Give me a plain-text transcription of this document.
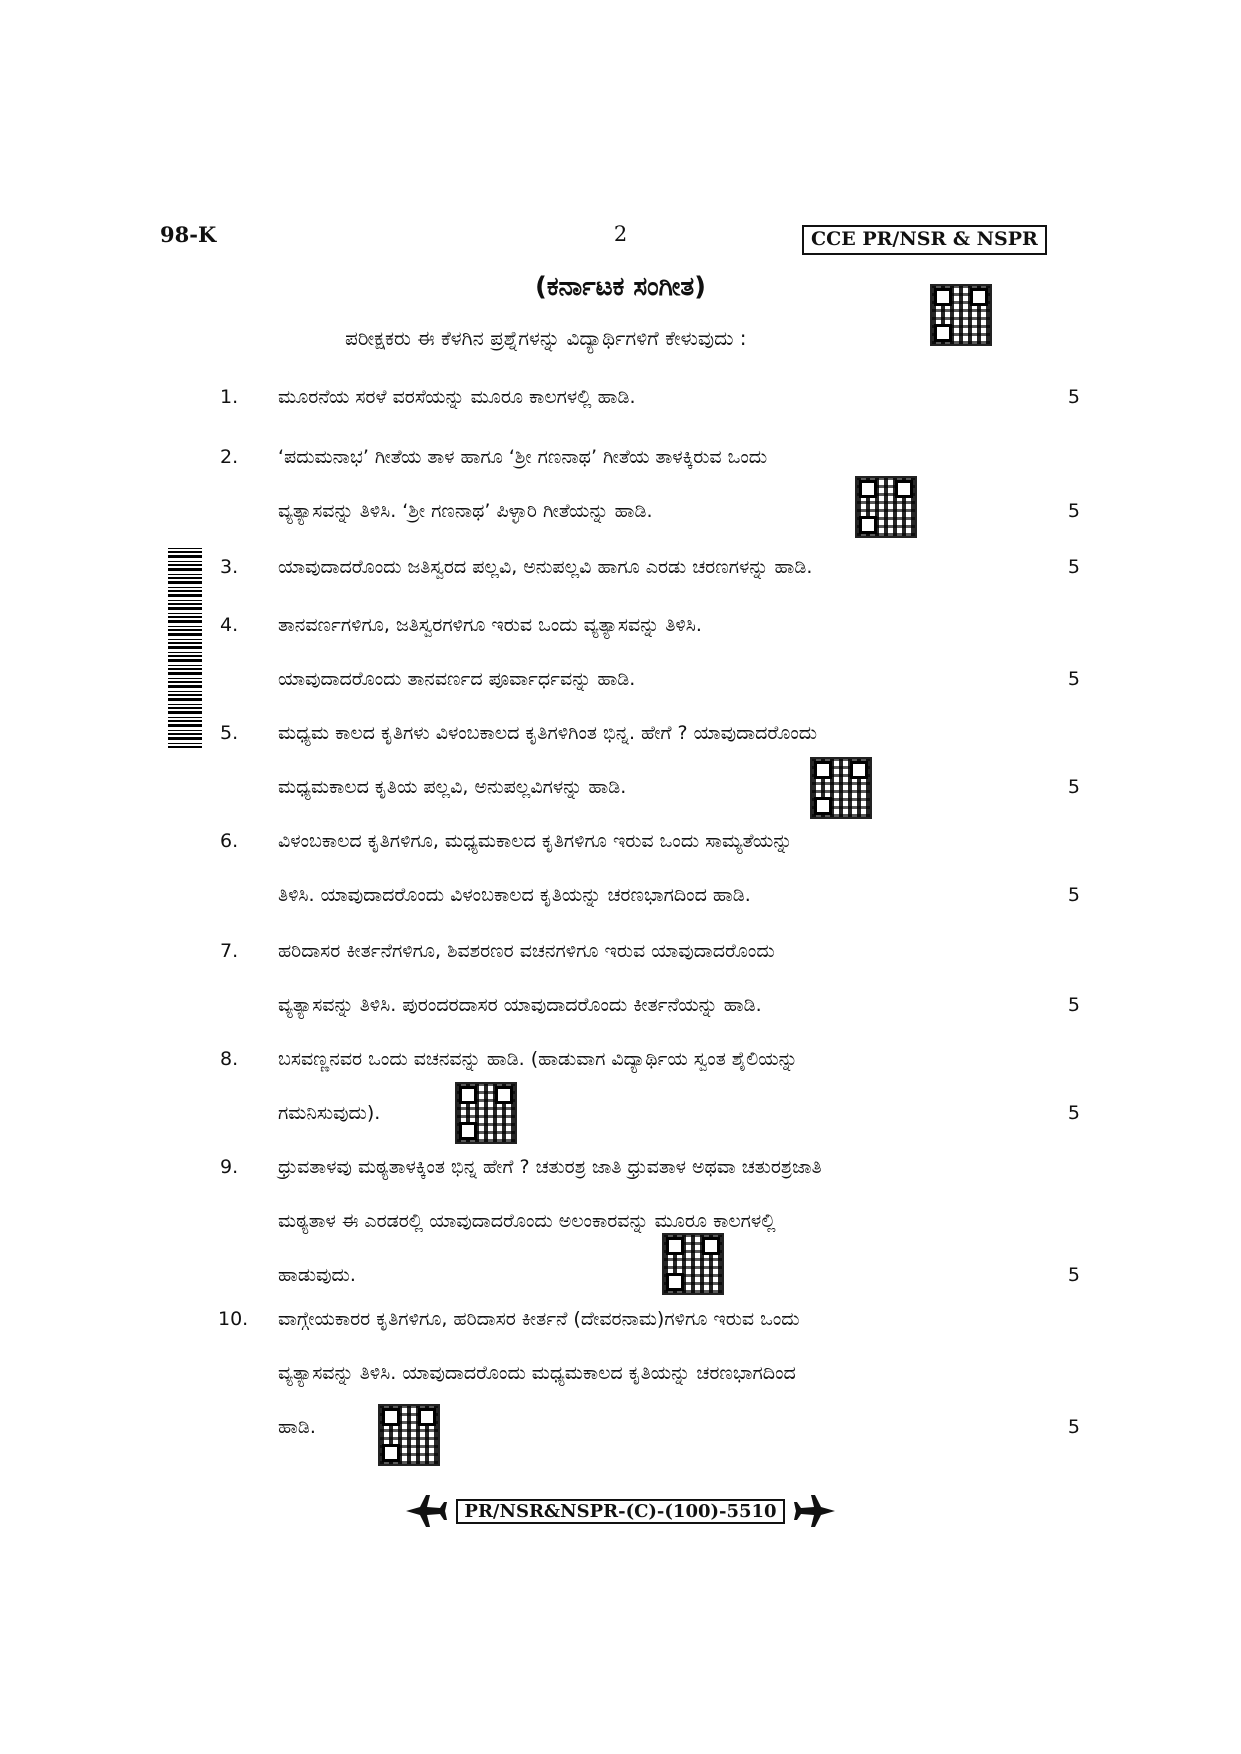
98-K	2	CCE PR/NSR & NSPR
(ಕರ್ನಾಟಕ ಸಂಗೀತ)
ಪರೀಕ್ಷಕರು ಈ ಕೆಳಗಿನ ಪ್ರಶ್ನೆಗಳನ್ನು ವಿದ್ಯಾರ್ಥಿಗಳಿಗೆ ಕೇಳುವುದು :
1. ಮೂರನೆಯ ಸರಳೆ ವರಸೆಯನ್ನು ಮೂರೂ ಕಾಲಗಳಲ್ಲಿ ಹಾಡಿ.	5
2. ‘ಪದುಮನಾಭ’ ಗೀತೆಯ ತಾಳ ಹಾಗೂ ‘ಶ್ರೀ ಗಣನಾಥ’ ಗೀತೆಯ ತಾಳಕ್ಕಿರುವ ಒಂದು
ವ್ಯತ್ಯಾಸವನ್ನು ತಿಳಿಸಿ. ‘ಶ್ರೀ ಗಣನಾಥ’ ಪಿಳ್ಳಾರಿ ಗೀತೆಯನ್ನು ಹಾಡಿ.	5
3. ಯಾವುದಾದರೊಂದು ಜತಿಸ್ವರದ ಪಲ್ಲವಿ, ಅನುಪಲ್ಲವಿ ಹಾಗೂ ಎರಡು ಚರಣಗಳನ್ನು ಹಾಡಿ.	5
4. ತಾನವರ್ಣಗಳಿಗೂ, ಜತಿಸ್ವರಗಳಿಗೂ ಇರುವ ಒಂದು ವ್ಯತ್ಯಾಸವನ್ನು ತಿಳಿಸಿ.
ಯಾವುದಾದರೊಂದು ತಾನವರ್ಣದ ಪೂರ್ವಾರ್ಧವನ್ನು ಹಾಡಿ.	5
5. ಮಧ್ಯಮ ಕಾಲದ ಕೃತಿಗಳು ವಿಳಂಬಕಾಲದ ಕೃತಿಗಳಿಗಿಂತ ಭಿನ್ನ. ಹೇಗೆ ? ಯಾವುದಾದರೊಂದು
ಮಧ್ಯಮಕಾಲದ ಕೃತಿಯ ಪಲ್ಲವಿ, ಅನುಪಲ್ಲವಿಗಳನ್ನು ಹಾಡಿ.	5
6. ವಿಳಂಬಕಾಲದ ಕೃತಿಗಳಿಗೂ, ಮಧ್ಯಮಕಾಲದ ಕೃತಿಗಳಿಗೂ ಇರುವ ಒಂದು ಸಾಮ್ಯತೆಯನ್ನು
ತಿಳಿಸಿ. ಯಾವುದಾದರೊಂದು ವಿಳಂಬಕಾಲದ ಕೃತಿಯನ್ನು ಚರಣಭಾಗದಿಂದ ಹಾಡಿ.	5
7. ಹರಿದಾಸರ ಕೀರ್ತನೆಗಳಿಗೂ, ಶಿವಶರಣರ ವಚನಗಳಿಗೂ ಇರುವ ಯಾವುದಾದರೊಂದು
ವ್ಯತ್ಯಾಸವನ್ನು ತಿಳಿಸಿ. ಪುರಂದರದಾಸರ ಯಾವುದಾದರೊಂದು ಕೀರ್ತನೆಯನ್ನು ಹಾಡಿ.	5
8. ಬಸವಣ್ಣನವರ ಒಂದು ವಚನವನ್ನು ಹಾಡಿ. (ಹಾಡುವಾಗ ವಿದ್ಯಾರ್ಥಿಯ ಸ್ವಂತ ಶೈಲಿಯನ್ನು
ಗಮನಿಸುವುದು).	5
9. ಧ್ರುವತಾಳವು ಮಠ್ಯತಾಳಕ್ಕಿಂತ ಭಿನ್ನ ಹೇಗೆ ? ಚತುರಶ್ರ ಜಾತಿ ಧ್ರುವತಾಳ ಅಥವಾ ಚತುರಶ್ರಜಾತಿ
ಮಠ್ಯತಾಳ ಈ ಎರಡರಲ್ಲಿ ಯಾವುದಾದರೊಂದು ಅಲಂಕಾರವನ್ನು ಮೂರೂ ಕಾಲಗಳಲ್ಲಿ
ಹಾಡುವುದು.	5
10. ವಾಗ್ಗೇಯಕಾರರ ಕೃತಿಗಳಿಗೂ, ಹರಿದಾಸರ ಕೀರ್ತನೆ (ದೇವರನಾಮ)ಗಳಿಗೂ ಇರುವ ಒಂದು
ವ್ಯತ್ಯಾಸವನ್ನು ತಿಳಿಸಿ. ಯಾವುದಾದರೊಂದು ಮಧ್ಯಮಕಾಲದ ಕೃತಿಯನ್ನು ಚರಣಭಾಗದಿಂದ
ಹಾಡಿ.	5
PR/NSR&NSPR-(C)-(100)-5510
